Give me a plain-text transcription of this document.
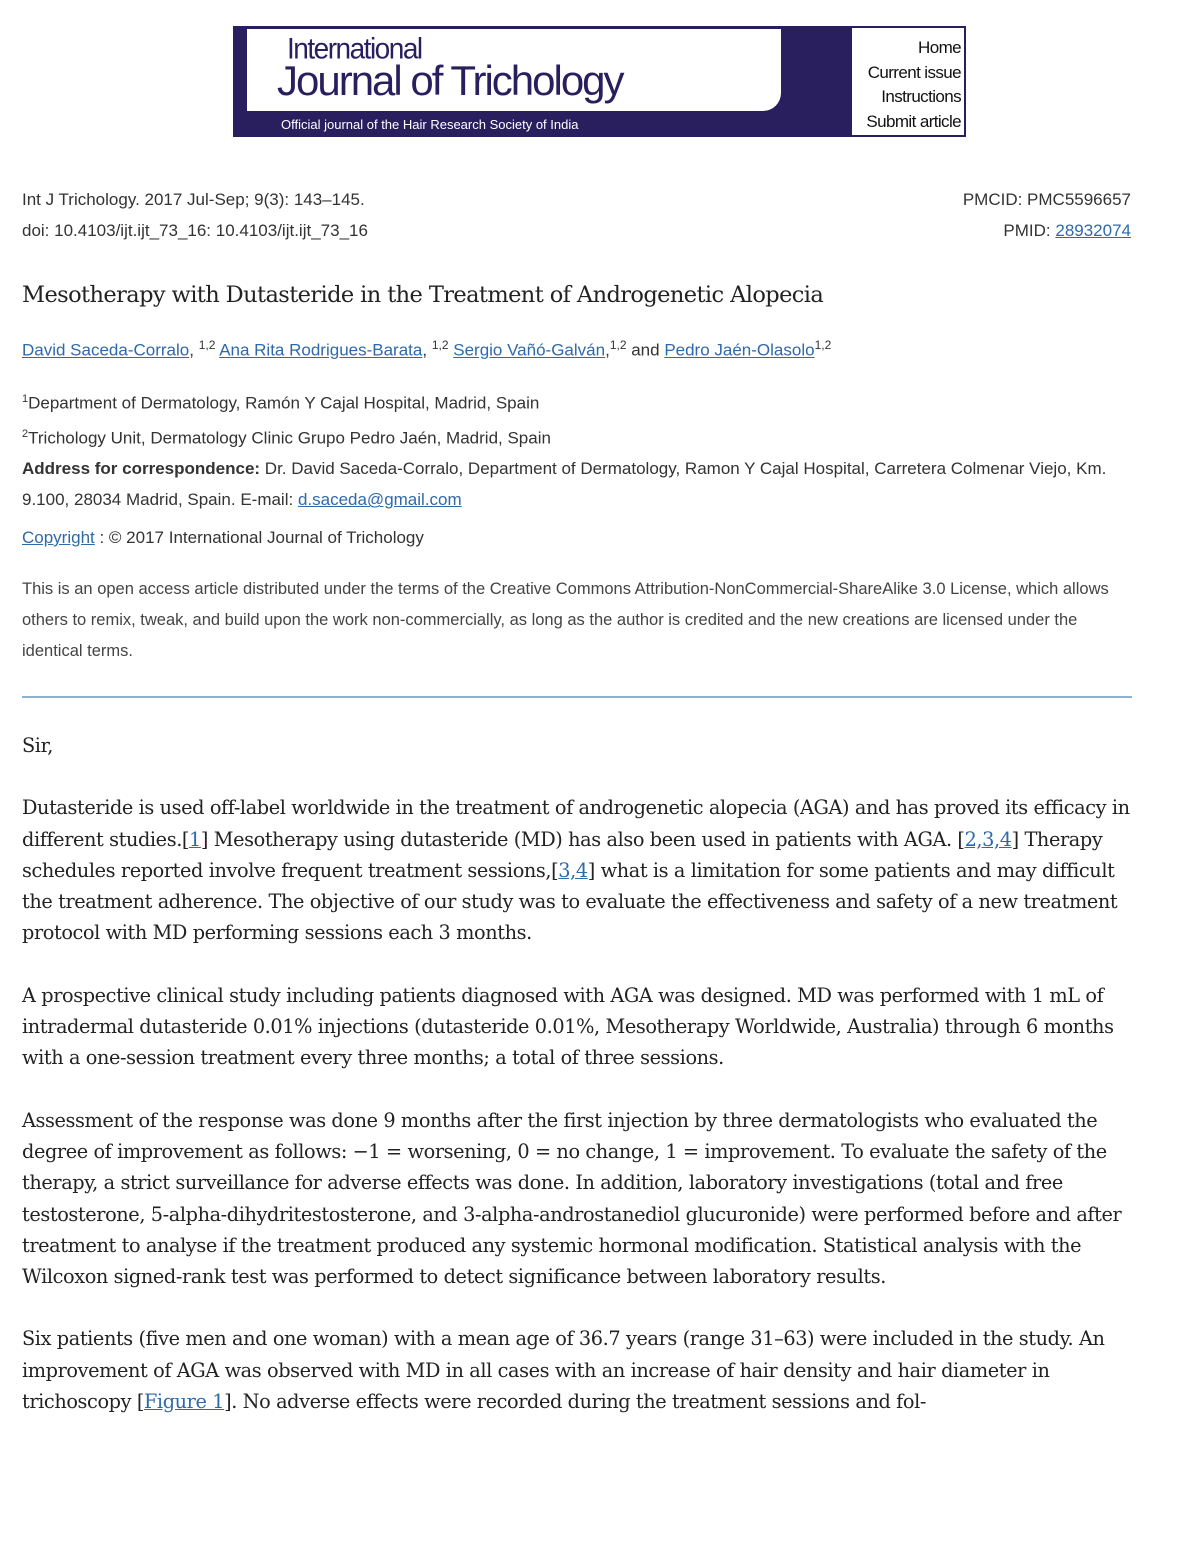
International
Journal of Trichology
Official journal of the Hair Research Society of India
Home
Current issue
Instructions
Submit article
Int J Trichology. 2017 Jul-Sep; 9(3): 143–145.	PMCID: PMC5596657
doi: 10.4103/ijt.ijt_73_16: 10.4103/ijt.ijt_73_16	PMID: 28932074
Mesotherapy with Dutasteride in the Treatment of Androgenetic Alopecia
David Saceda-Corralo, $^{1,2}$ Ana Rita Rodrigues-Barata, $^{1,2}$ Sergio Vañó-Galván,$^{1,2}$ and Pedro Jaén-Olasolo$^{1,2}$
$^1$Department of Dermatology, Ramón Y Cajal Hospital, Madrid, Spain
$^2$Trichology Unit, Dermatology Clinic Grupo Pedro Jaén, Madrid, Spain
Address for correspondence: Dr. David Saceda-Corralo, Department of Dermatology, Ramon Y Cajal Hospital, Carretera Colmenar Viejo, Km. 9.100, 28034 Madrid, Spain. E-mail: d.saceda@gmail.com
Copyright : © 2017 International Journal of Trichology

This is an open access article distributed under the terms of the Creative Commons Attribution-NonCommercial-ShareAlike 3.0 License, which allows others to remix, tweak, and build upon the work non-commercially, as long as the author is credited and the new creations are licensed under the identical terms.

Sir,

Dutasteride is used off-label worldwide in the treatment of androgenetic alopecia (AGA) and has proved its efficacy in different studies.[1] Mesotherapy using dutasteride (MD) has also been used in patients with AGA. [2,3,4] Therapy schedules reported involve frequent treatment sessions,[3,4] what is a limitation for some patients and may difficult the treatment adherence. The objective of our study was to evaluate the effectiveness and safety of a new treatment protocol with MD performing sessions each 3 months.

A prospective clinical study including patients diagnosed with AGA was designed. MD was performed with 1 mL of intradermal dutasteride 0.01% injections (dutasteride 0.01%, Mesotherapy Worldwide, Australia) through 6 months with a one-session treatment every three months; a total of three sessions.

Assessment of the response was done 9 months after the first injection by three dermatologists who evaluated the degree of improvement as follows: −1 = worsening, 0 = no change, 1 = improvement. To evaluate the safety of the therapy, a strict surveillance for adverse effects was done. In addition, laboratory investigations (total and free testosterone, 5-alpha-dihydritestosterone, and 3-alpha-androstanediol glucuronide) were performed before and after treatment to analyse if the treatment produced any systemic hormonal modification. Statistical analysis with the Wilcoxon signed-rank test was performed to detect significance between laboratory results.

Six patients (five men and one woman) with a mean age of 36.7 years (range 31–63) were included in the study. An improvement of AGA was observed with MD in all cases with an increase of hair density and hair diameter in trichoscopy [Figure 1]. No adverse effects were recorded during the treatment sessions and fol-
